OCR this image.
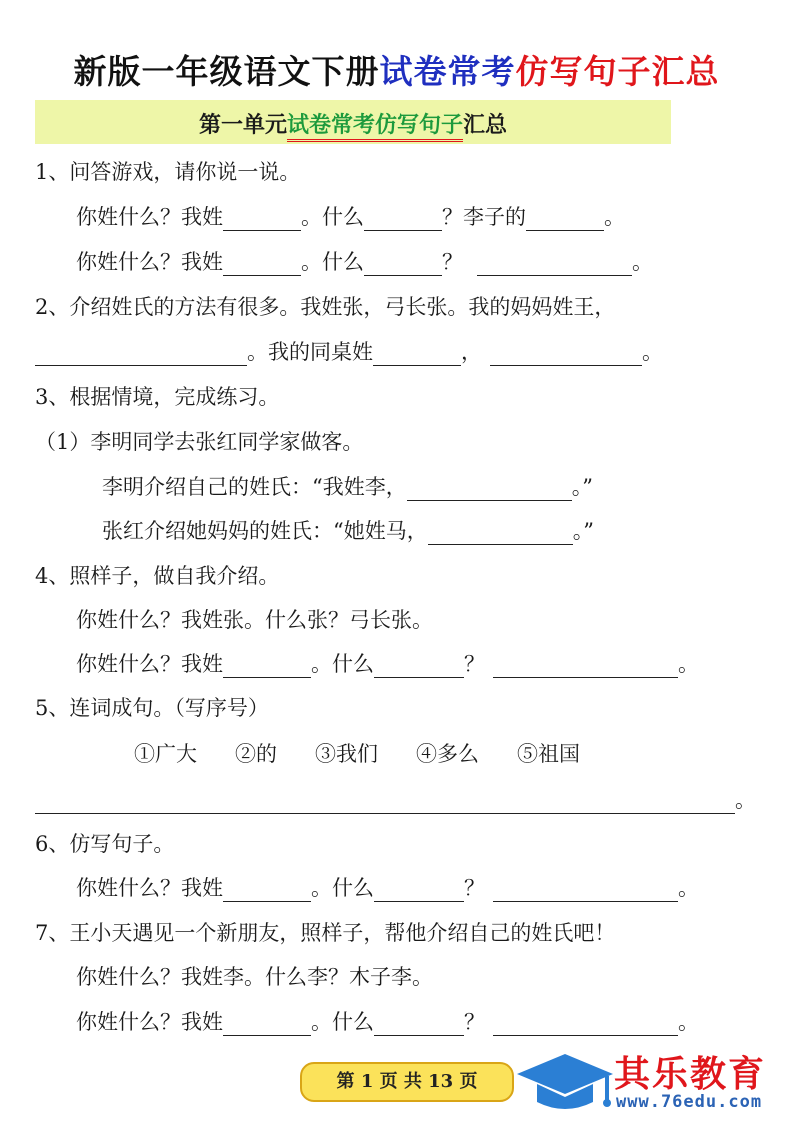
新版一年级语文下册试卷常考仿写句子汇总
第一单元试卷常考仿写句子汇总
1、问答游戏，请你说一说。
你姓什么？我姓	。什么	？李子的	。
你姓什么？我姓	。什么	？	。
2、介绍姓氏的方法有很多。我姓张，弓长张。我的妈妈姓王，
。我的同桌姓	，	。
3、根据情境，完成练习。
（1）李明同学去张红同学家做客。
李明介绍自己的姓氏：“我姓李，	。”
张红介绍她妈妈的姓氏：“她姓马，	。”
4、照样子，做自我介绍。
你姓什么？我姓张。什么张？弓长张。
你姓什么？我姓	。什么	？	。
5、连词成句。（写序号）
①广大 ②的 ③我们 ④多么 ⑤祖国
。
6、仿写句子。
你姓什么？我姓	。什么	？	。
7、王小天遇见一个新朋友，照样子，帮他介绍自己的姓氏吧！
你姓什么？我姓李。什么李？木子李。
你姓什么？我姓	。什么	？	。
第 1 页 共 13 页	其乐教育
www.76edu.com
